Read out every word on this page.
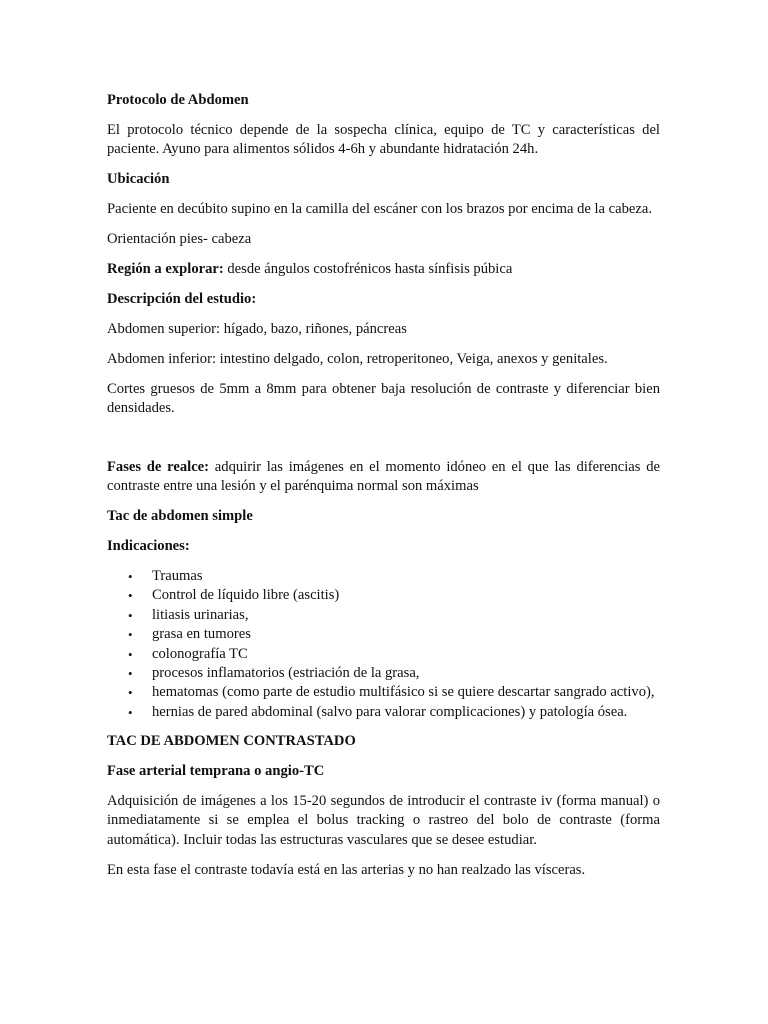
Protocolo de Abdomen

El protocolo técnico depende de la sospecha clínica, equipo de TC y características del paciente. Ayuno para alimentos sólidos 4-6h y abundante hidratación 24h.

Ubicación

Paciente en decúbito supino en la camilla del escáner con los brazos por encima de la cabeza.

Orientación pies- cabeza

Región a explorar: desde ángulos costofrénicos hasta sínfisis púbica

Descripción del estudio:

Abdomen superior: hígado, bazo, riñones, páncreas

Abdomen inferior: intestino delgado, colon, retroperitoneo, Veiga, anexos y genitales.

Cortes gruesos de 5mm a 8mm para obtener baja resolución de contraste y diferenciar bien densidades.

Fases de realce: adquirir las imágenes en el momento idóneo en el que las diferencias de contraste entre una lesión y el parénquima normal son máximas

Tac de abdomen simple

Indicaciones:

• Traumas
• Control de líquido libre (ascitis)
• litiasis urinarias,
• grasa en tumores
• colonografía TC
• procesos inflamatorios (estriación de la grasa,
• hematomas (como parte de estudio multifásico si se quiere descartar sangrado activo),
• hernias de pared abdominal (salvo para valorar complicaciones) y patología ósea.

TAC DE ABDOMEN CONTRASTADO

Fase arterial temprana o angio-TC

Adquisición de imágenes a los 15-20 segundos de introducir el contraste iv (forma manual) o inmediatamente si se emplea el bolus tracking o rastreo del bolo de contraste (forma automática). Incluir todas las estructuras vasculares que se desee estudiar.

En esta fase el contraste todavía está en las arterias y no han realzado las vísceras.
